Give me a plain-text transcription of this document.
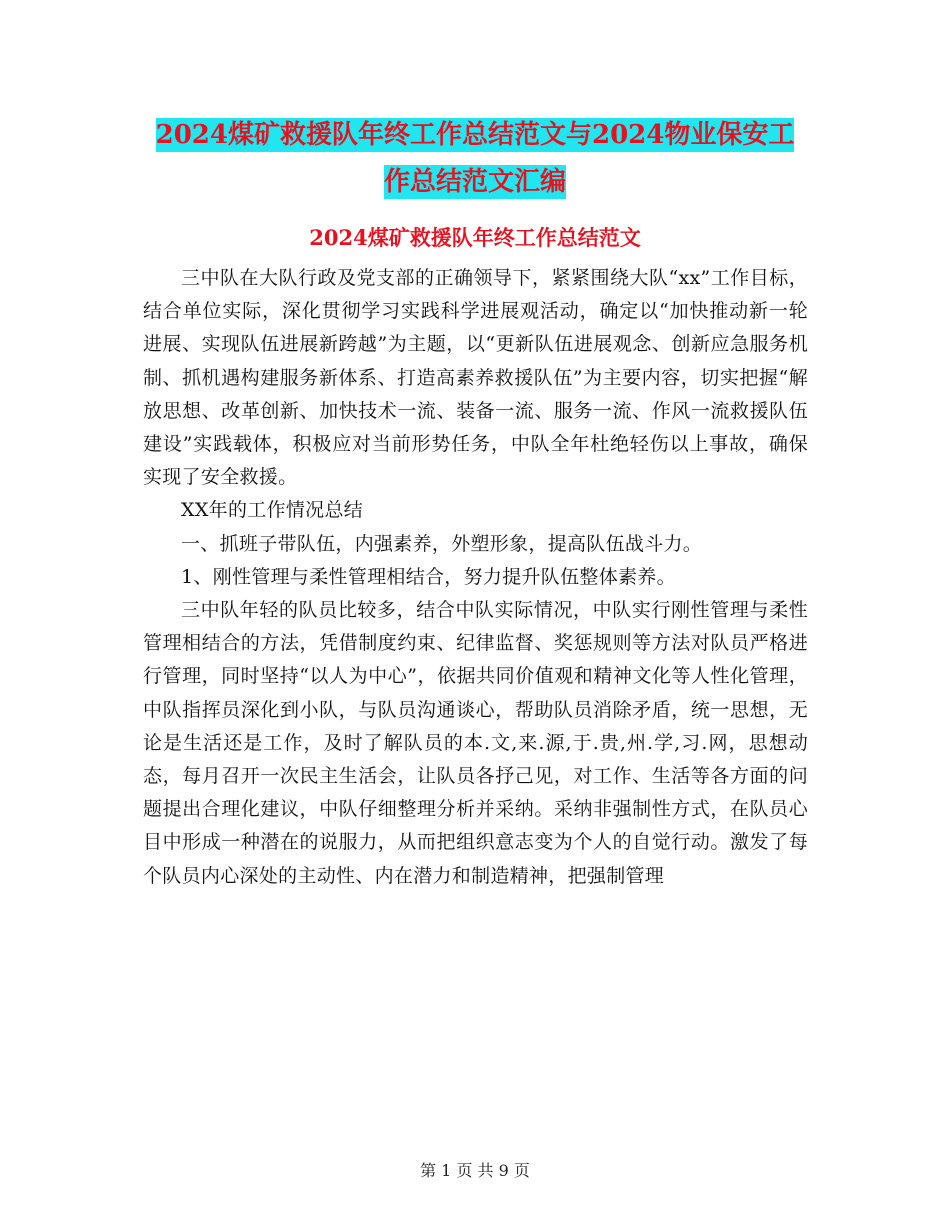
2024煤矿救援队年终工作总结范文与2024物业保安工
作总结范文汇编
2024煤矿救援队年终工作总结范文

三中队在大队行政及党支部的正确领导下，紧紧围绕大队“xx”工作目标，结合单位实际，深化贯彻学习实践科学进展观活动，确定以“加快推动新一轮进展、实现队伍进展新跨越”为主题，以“更新队伍进展观念、创新应急服务机制、抓机遇构建服务新体系、打造高素养救援队伍”为主要内容，切实把握“解放思想、改革创新、加快技术一流、装备一流、服务一流、作风一流救援队伍建设”实践载体，积极应对当前形势任务，中队全年杜绝轻伤以上事故，确保实现了安全救援。

XX年的工作情况总结

一、抓班子带队伍，内强素养，外塑形象，提高队伍战斗力。

1、刚性管理与柔性管理相结合，努力提升队伍整体素养。

三中队年轻的队员比较多，结合中队实际情况，中队实行刚性管理与柔性管理相结合的方法，凭借制度约束、纪律监督、奖惩规则等方法对队员严格进行管理，同时坚持“以人为中心”，依据共同价值观和精神文化等人性化管理，中队指挥员深化到小队，与队员沟通谈心，帮助队员消除矛盾，统一思想，无论是生活还是工作，及时了解队员的本.文,来.源,于.贵,州.学,习.网，思想动态，每月召开一次民主生活会，让队员各抒己见，对工作、生活等各方面的问题提出合理化建议，中队仔细整理分析并采纳。采纳非强制性方式，在队员心目中形成一种潜在的说服力，从而把组织意志变为个人的自觉行动。激发了每个队员内心深处的主动性、内在潜力和制造精神，把强制管理

第 1 页 共 9 页
